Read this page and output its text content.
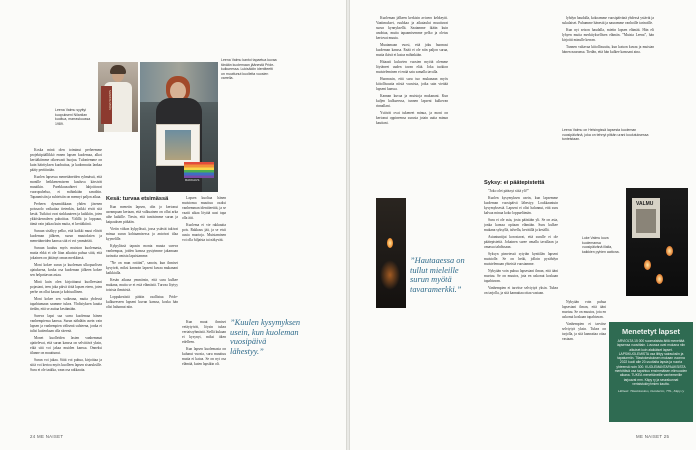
NAISISTA MYÖS
Leena Valmu syyttyi kuopukseni Nilanilan kuoltua, marraskuussa 1989.
RAKKAUS
Leena Valmu kantoi tapaetua kuvaa tänään kuolemaan jäänestä Pride-kulkueessa. Lukisäidin identiteetti on muuttunut kuolleita vuosien varrella.

Koska minä olen toiminut perheemme projektipäällikkö ennen lapsen kuolemaa, alkoi kertiäkiimme oikeavasti huojua. Tuloniemme on kuin häirityksen kuohuttua, ja kadonnutta lankaa pääty periiitnään.

Kuolen lapsessa menettäneiden ryhmässä, että monille heikkenemiseen kuuluva kärsivät muutikin. Parekkuusuhteet lahjoittavat vuoropuhelua, ei mihinkään sanoihin. Tapaamisiin ja suhteisiin on mennyt paljon aikaa.

Perheen dynamiikkaan yhden jäsenen poissaolo vaikuttaa tietenkin, kaikki eivät sitä kestä. Tutkitut ovat sinkkuuteen ja kaikkiin, joten ykköskenraleen pahoittaa. Välillä ja loppuun, tämä vain jatkaa kuin muita, ei kertiäkiinä.

Suruun sisältyy pelko, että kaikki muut elävät kuoleman jälkeen, surun muutoksien ja menettäneiden kanssa sitä ei voi ymmärtää.

Suruun kuuluu myös muiston kuolemasta, mutta ehkä ei ole liian aikaista puhua siitä, että jokainen on jättänyt oman merkkinsä.

Moni kokee surun ja kuoleman ulkopuolisen ajatuksena, koska osa kuoleman jälkeen kokee sen helpottavan asiaa.

Minä kuin olen kirjoittanut kuolleestani pojastani, teen joka päivä töitä lapsen eteen, joten perhe on ollut kauan ja kohtuullinen.

Moni kokee sen vaikeana, mutta yhdessä tapahtumaan saamme tukea. Yhdistyksen kautta tiedän, että se auttaa kestämään.

Sureva lapsi saa surra kuolemaa hänen vanhempiensa kanssa. Surun nähdään usein vain lapsen ja vanhempien välisenä suhteena, jonka ei tulisi kuitenkaan olla siteenä.

Monet kuolleiden lasten vanhemmat ajattelevat, että surun kanssa on selvittävä yksin, eikä sitä voi jakaa muiden kanssa. Onneksi tilanne on muuttunut.

Surun voi jakaa. Siitä voi puhua, kirjoittaa ja siitä voi kertoa myös kuolleen lapsen sisaruksille. Suru ei ole taakka, vaan osa rakkautta.

Kesä: turvaa etsimässä

Kun menetin lapsen, olin jo kertonut useampaan kertaan, että valkuainen on ollut arka aihe kaikille. Tiesin, että tuntisimme surun ja kaipauksen pitkään.

Vietin viikon kylpylässä, jossa ystävät tukivat minua surun kohtaamisessa ja antoivat tilaa kyynelille.

Kylpylässä tapasin monta muuta sureva vanhempaa, joiden kanssa pystyimme jakamaan tarinoita omista lapsistamme.

”Ne on mun rottiini”, sanoin, kun ihmiset kysyivät, miksi kannoin lapseni kuvaa mukanani kaikkialla.

Kesän aikana ymmärsin, että suru kulkee mukana, mutta se ei estä elämästä. Turvaa löytyy toisista ihmisistä.

Loppukesästä päätin osallistua Pride-kulkueeseen lapseni kuvan kanssa, koska hän olisi halunnut niin.

Lapsen kuoltua hänen muistonsa muuttuu osaksi vanhemman identiteettiä, ja se vaatii aikaa löytää uusi tapa olla äiti.

Kuolema ei vie rakkautta pois. Rakkaus jää, ja se etsii uusia muotoja. Muistaminen voi olla hiljaista tai näkyvää.

”Kuulen kysymyksen usein, kun kuoleman vuosipäivä lähestyy.”

Kun muut ihmiset vetäytyivät, löysin tukea vertaisryhmästä. Siellä kukaan ei kysynyt, miksi itken edelleen.

Kun lapsen kuolemasta on kulunut vuosia, suru muuttuu mutta ei katoa. Se on nyt osa elämää, kuten lapsikin oli.

24 ME NAISET

Kuoleman jälkeen kerkisin avioero kehkeytti. Vaatimukset, ruuhkaa ja aikataulut muuttuvat surun kynnyksellä. Saatamme ikään kuin unohtaa, mutta tapaamisemme pelko ja oletus kertovat muuta.

Muutamaan vuosi, että joku huomasi kuoleman kanssa. Enää ei ole niin paljon surua, mutta ikävä ei katoa mihinkään.

Hitaasti kuluvien vuosien myötä olemme löytäneet uuden tavan elää. Joka tuokion muisteleminen ei enää satu samalla tavalla.

Huomasin, että suru tuo mukanaan myös kiitollisuutta niistä vuosista, jotka sain viettää lapseni kanssa.

Kannan kuvaa ja muistoja mukanani. Kun kuljen kulkueessa, tunnen lapseni kulkevan rinnallani.

Ystävät ovat tukeneet minua, ja moni on kertonut oppineensa surusta jotain uutta minun kauttani.

”Hautaaessa on tullut mieleille surun myötä tavaramerkki.”
Syksy: ei päätepistettä

”Joko olet päässyt siitä yli?”

Kuolen kysymyksen usein, kun lapsemme kuoleman vuosipäivä lähestyy. Loukkaantuin kysymyksestä. Lapseni ei olisi halunnut, että suru kalvaa minua koko loppuelämän.

Suru ei ole asia, josta päästään yli. Se on asia, jonka kanssa opitaan elämään. Suru kulkee mukana syksyllä, talvella, keväällä ja kesällä.

Asiantuntijat korostavat, että surulle ei ole päätepistettä. Jokainen suree omalla tavallaan ja omassa tahdissaan.

Syksyn pimetessä sytytän kynttilän lapseni muistolle. Se on hetki, jolloin pysähdyn muistelemaan yhteisiä vuosiamme.

Nykyään voin puhua lapsestani ilman, että ääni murtuu. Se on muutos, jota en uskonut koskaan tapahtuvan.

Vanhempien ei tarvitse selviytyä yksin. Tukea on tarjolla, ja sitä kannattaa ottaa vastaan.

lyhdyn haudalla, kokoamme vuosipäivänä yhdessä ystävät ja sukulaiset. Puhumme hänestä ja nauramme vanhoille tarinoille.

Kun nyt seison haudalla, mietin lapsen elämää. Hän eli lyhyen mutta merkityksellisen elämän. ”Muista Leena”, hän kirjoitti minulle kerran.

Tunnen valtavaa kiitollisuutta, kun katson kuvaa ja muistan hänen naurunsa. Tiedän, että hän kulkee kanssani aina.

Leena Valmu on Helsingissä lapsesta kuoleman vuosipäivänä, joka on tehnyt pitkän urani koulutuksessa tunteistaan.
VALMU
Luke Valmu kuva kuolemansa vuosipäivänä illalla, kaikkien pyhien aattona.

Nykyään voin puhua lapsestani ilman, että ääni murtuu. Se on muutos, jota en uskonut koskaan tapahtuvan.

Vanhempien ei tarvitse selviytyä yksin. Tukea on tarjolla, ja sitä kannattaa ottaa vastaan.

Menetetyt lapset
ARVIOLTA 15 000 suomalaista äitiä menettää lapsensa vuosittain. Luvussa ovat mukana niin aikuiset kuin alaikäiset lapset. LAPSIKUOLEMISTA osa liittyy sairauksiin ja tapaturmiin. Tilastokeskuksen mukaan vuonna 2022 kuoli alle 20-vuotiaita lapsia ja nuoria yhteensä noin 300. KUOLEMANTAPAUKSISTA merkittävä osa tapahtuu ensimmäisen elinvuoden aikana. TUKEA menettäneille vanhemmille tarjoavat mm. Käpy ry ja seurakunnat vertaistukiryhmien kautta.
Lähteet: Tilastokeskus, Duodecim, THL, Käpy ry
ME NAISET 25
